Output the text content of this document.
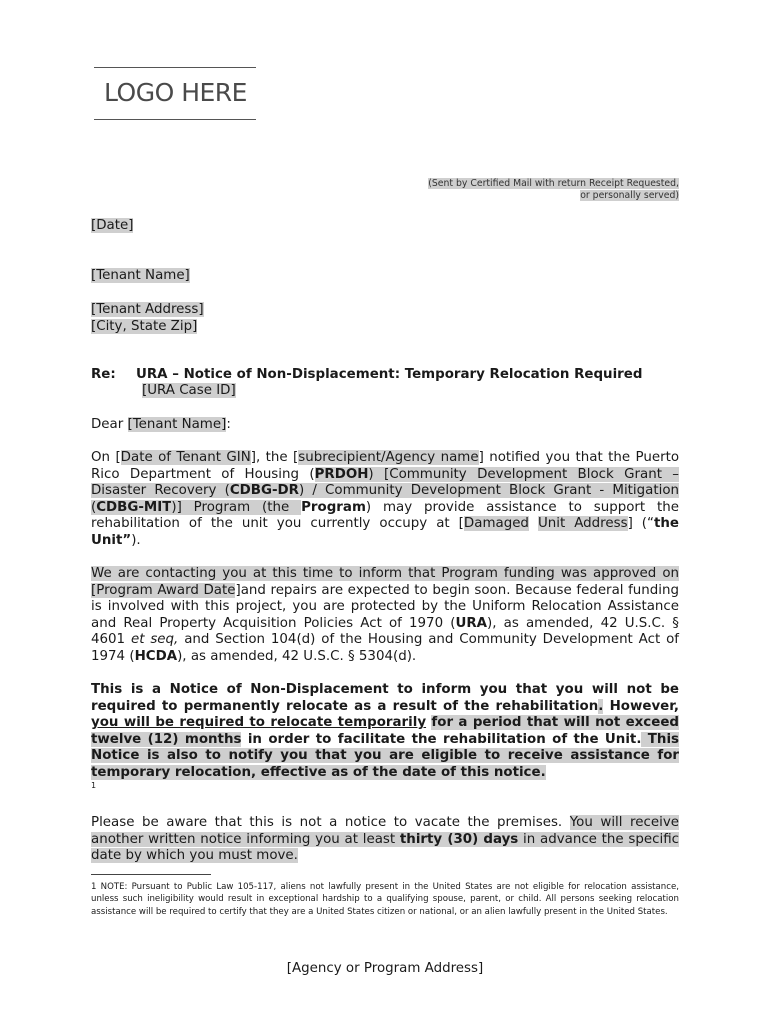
LOGO HERE
(Sent by Certified Mail with return Receipt Requested,
or personally served)
[Date]
[Tenant Name]
[Tenant Address]
[City, State Zip]
Re: URA – Notice of Non-Displacement: Temporary Relocation Required
[URA Case ID]
Dear [Tenant Name]:
On [Date of Tenant GIN], the [subrecipient/Agency name] notified you that the Puerto Rico Department of Housing (PRDOH) [Community Development Block Grant – Disaster Recovery (CDBG-DR) / Community Development Block Grant - Mitigation (CDBG-MIT)] Program (the Program) may provide assistance to support the rehabilitation of the unit you currently occupy at [Damaged Unit Address] (“the Unit”).
We are contacting you at this time to inform that Program funding was approved on [Program Award Date]and repairs are expected to begin soon. Because federal funding is involved with this project, you are protected by the Uniform Relocation Assistance and Real Property Acquisition Policies Act of 1970 (URA), as amended, 42 U.S.C. § 4601 et seq, and Section 104(d) of the Housing and Community Development Act of 1974 (HCDA), as amended, 42 U.S.C. § 5304(d).
This is a Notice of Non-Displacement to inform you that you will not be required to permanently relocate as a result of the rehabilitation. However, you will be required to relocate temporarily for a period that will not exceed twelve (12) months in order to facilitate the rehabilitation of the Unit. This Notice is also to notify you that you are eligible to receive assistance for temporary relocation, effective as of the date of this notice.
1
Please be aware that this is not a notice to vacate the premises. You will receive another written notice informing you at least thirty (30) days in advance the specific date by which you must move.
1 NOTE: Pursuant to Public Law 105-117, aliens not lawfully present in the United States are not eligible for relocation assistance, unless such ineligibility would result in exceptional hardship to a qualifying spouse, parent, or child. All persons seeking relocation assistance will be required to certify that they are a United States citizen or national, or an alien lawfully present in the United States.
[Agency or Program Address]
